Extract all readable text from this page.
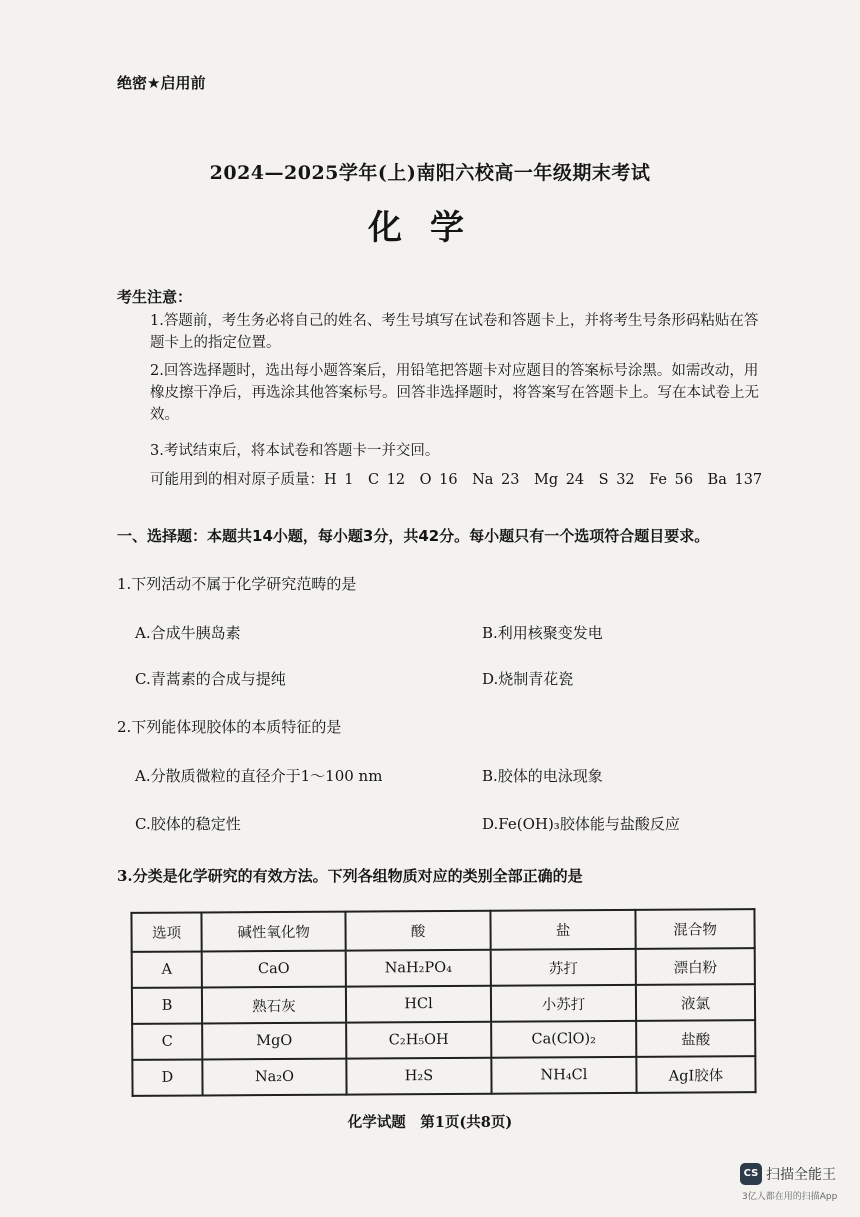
绝密★启用前
2024—2025学年(上)南阳六校高一年级期末考试
化学
考生注意：
1.答题前，考生务必将自己的姓名、考生号填写在试卷和答题卡上，并将考生号条形码粘贴在答题卡上的指定位置。
2.回答选择题时，选出每小题答案后，用铅笔把答题卡对应题目的答案标号涂黑。如需改动，用橡皮擦干净后，再选涂其他答案标号。回答非选择题时，将答案写在答题卡上。写在本试卷上无效。
3.考试结束后，将本试卷和答题卡一并交回。
可能用到的相对原子质量：H 1　C 12　O 16　Na 23　Mg 24　S 32　Fe 56　Ba 137
一、选择题：本题共14小题，每小题3分，共42分。每小题只有一个选项符合题目要求。
1.下列活动不属于化学研究范畴的是
A.合成牛胰岛素	B.利用核聚变发电
C.青蒿素的合成与提纯	D.烧制青花瓷
2.下列能体现胶体的本质特征的是
A.分散质微粒的直径介于1～100 nm	B.胶体的电泳现象
C.胶体的稳定性	D.Fe(OH)₃胶体能与盐酸反应
3.分类是化学研究的有效方法。下列各组物质对应的类别全部正确的是
选项	碱性氧化物	酸	盐	混合物
A	CaO	NaH₂PO₄	苏打	漂白粉
B	熟石灰	HCl	小苏打	液氯
C	MgO	C₂H₅OH	Ca(ClO)₂	盐酸
D	Na₂O	H₂S	NH₄Cl	AgI胶体
化学试题　第1页(共8页)
CS 扫描全能王
3亿人都在用的扫描App
